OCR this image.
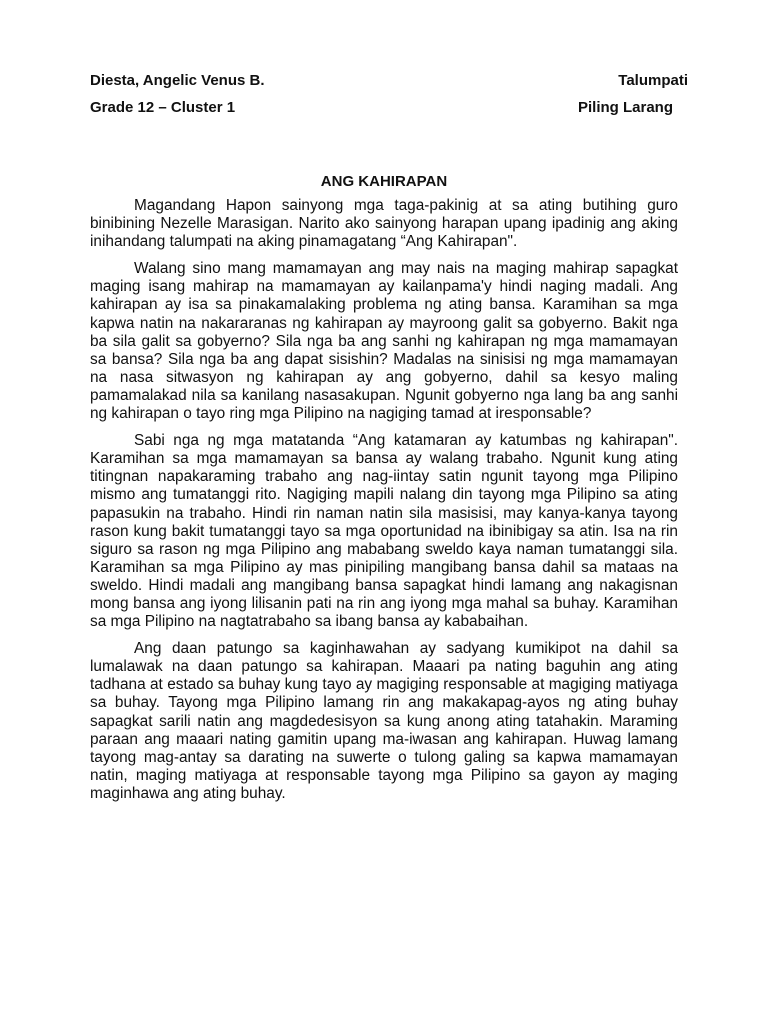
Diesta, Angelic Venus B.	Talumpati
Grade 12 – Cluster 1	Piling Larang
ANG KAHIRAPAN

Magandang Hapon sainyong mga taga-pakinig at sa ating butihing guro binibining Nezelle Marasigan. Narito ako sainyong harapan upang ipadinig ang aking inihandang talumpati na aking pinamagatang “Ang Kahirapan".

Walang sino mang mamamayan ang may nais na maging mahirap sapagkat maging isang mahirap na mamamayan ay kailanpama'y hindi naging madali. Ang kahirapan ay isa sa pinakamalaking problema ng ating bansa. Karamihan sa mga kapwa natin na nakararanas ng kahirapan ay mayroong galit sa gobyerno. Bakit nga ba sila galit sa gobyerno? Sila nga ba ang sanhi ng kahirapan ng mga mamamayan sa bansa? Sila nga ba ang dapat sisishin? Madalas na sinisisi ng mga mamamayan na nasa sitwasyon ng kahirapan ay ang gobyerno, dahil sa kesyo maling pamamalakad nila sa kanilang nasasakupan. Ngunit gobyerno nga lang ba ang sanhi ng kahirapan o tayo ring mga Pilipino na nagiging tamad at iresponsable?

Sabi nga ng mga matatanda “Ang katamaran ay katumbas ng kahirapan". Karamihan sa mga mamamayan sa bansa ay walang trabaho. Ngunit kung ating titingnan napakaraming trabaho ang nag-iintay satin ngunit tayong mga Pilipino mismo ang tumatanggi rito. Nagiging mapili nalang din tayong mga Pilipino sa ating papasukin na trabaho. Hindi rin naman natin sila masisisi, may kanya-kanya tayong rason kung bakit tumatanggi tayo sa mga oportunidad na ibinibigay sa atin. Isa na rin siguro sa rason ng mga Pilipino ang mababang sweldo kaya naman tumatanggi sila. Karamihan sa mga Pilipino ay mas pinipiling mangibang bansa dahil sa mataas na sweldo. Hindi madali ang mangibang bansa sapagkat hindi lamang ang nakagisnan mong bansa ang iyong lilisanin pati na rin ang iyong mga mahal sa buhay. Karamihan sa mga Pilipino na nagtatrabaho sa ibang bansa ay kababaihan.

Ang daan patungo sa kaginhawahan ay sadyang kumikipot na dahil sa lumalawak na daan patungo sa kahirapan. Maaari pa nating baguhin ang ating tadhana at estado sa buhay kung tayo ay magiging responsable at magiging matiyaga sa buhay. Tayong mga Pilipino lamang rin ang makakapag-ayos ng ating buhay sapagkat sarili natin ang magdedesisyon sa kung anong ating tatahakin. Maraming paraan ang maaari nating gamitin upang ma-iwasan ang kahirapan. Huwag lamang tayong mag-antay sa darating na suwerte o tulong galing sa kapwa mamamayan natin, maging matiyaga at responsable tayong mga Pilipino sa gayon ay maging maginhawa ang ating buhay.
